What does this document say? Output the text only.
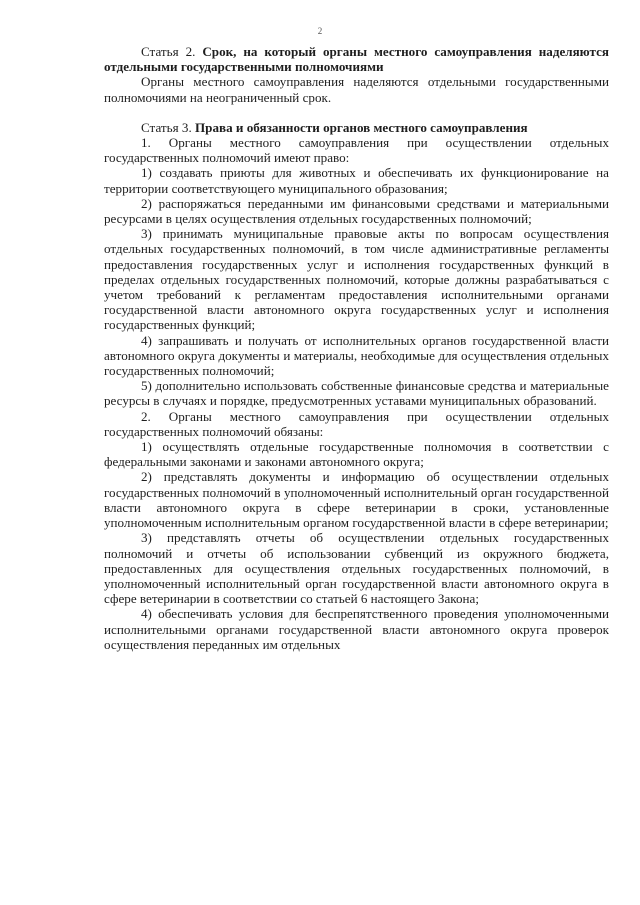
2

Статья 2. Срок, на который органы местного самоуправления наделяются отдельными государственными полномочиями

Органы местного самоуправления наделяются отдельными государственными полномочиями на неограниченный срок.

Статья 3. Права и обязанности органов местного самоуправления

1. Органы местного самоуправления при осуществлении отдельных государственных полномочий имеют право:

1) создавать приюты для животных и обеспечивать их функционирование на территории соответствующего муниципального образования;

2) распоряжаться переданными им финансовыми средствами и материальными ресурсами в целях осуществления отдельных государственных полномочий;

3) принимать муниципальные правовые акты по вопросам осуществления отдельных государственных полномочий, в том числе административные регламенты предоставления государственных услуг и исполнения государственных функций в пределах отдельных государственных полномочий, которые должны разрабатываться с учетом требований к регламентам предоставления исполнительными органами государственной власти автономного округа государственных услуг и исполнения государственных функций;

4) запрашивать и получать от исполнительных органов государственной власти автономного округа документы и материалы, необходимые для осуществления отдельных государственных полномочий;

5) дополнительно использовать собственные финансовые средства и материальные ресурсы в случаях и порядке, предусмотренных уставами муниципальных образований.

2. Органы местного самоуправления при осуществлении отдельных государственных полномочий обязаны:

1) осуществлять отдельные государственные полномочия в соответствии с федеральными законами и законами автономного округа;

2) представлять документы и информацию об осуществлении отдельных государственных полномочий в уполномоченный исполнительный орган государственной власти автономного округа в сфере ветеринарии в сроки, установленные уполномоченным исполнительным органом государственной власти в сфере ветеринарии;

3) представлять отчеты об осуществлении отдельных государственных полномочий и отчеты об использовании субвенций из окружного бюджета, предоставленных для осуществления отдельных государственных полномочий, в уполномоченный исполнительный орган государственной власти автономного округа в сфере ветеринарии в соответствии со статьей 6 настоящего Закона;

4) обеспечивать условия для беспрепятственного проведения уполномоченными исполнительными органами государственной власти автономного округа проверок осуществления переданных им отдельных
